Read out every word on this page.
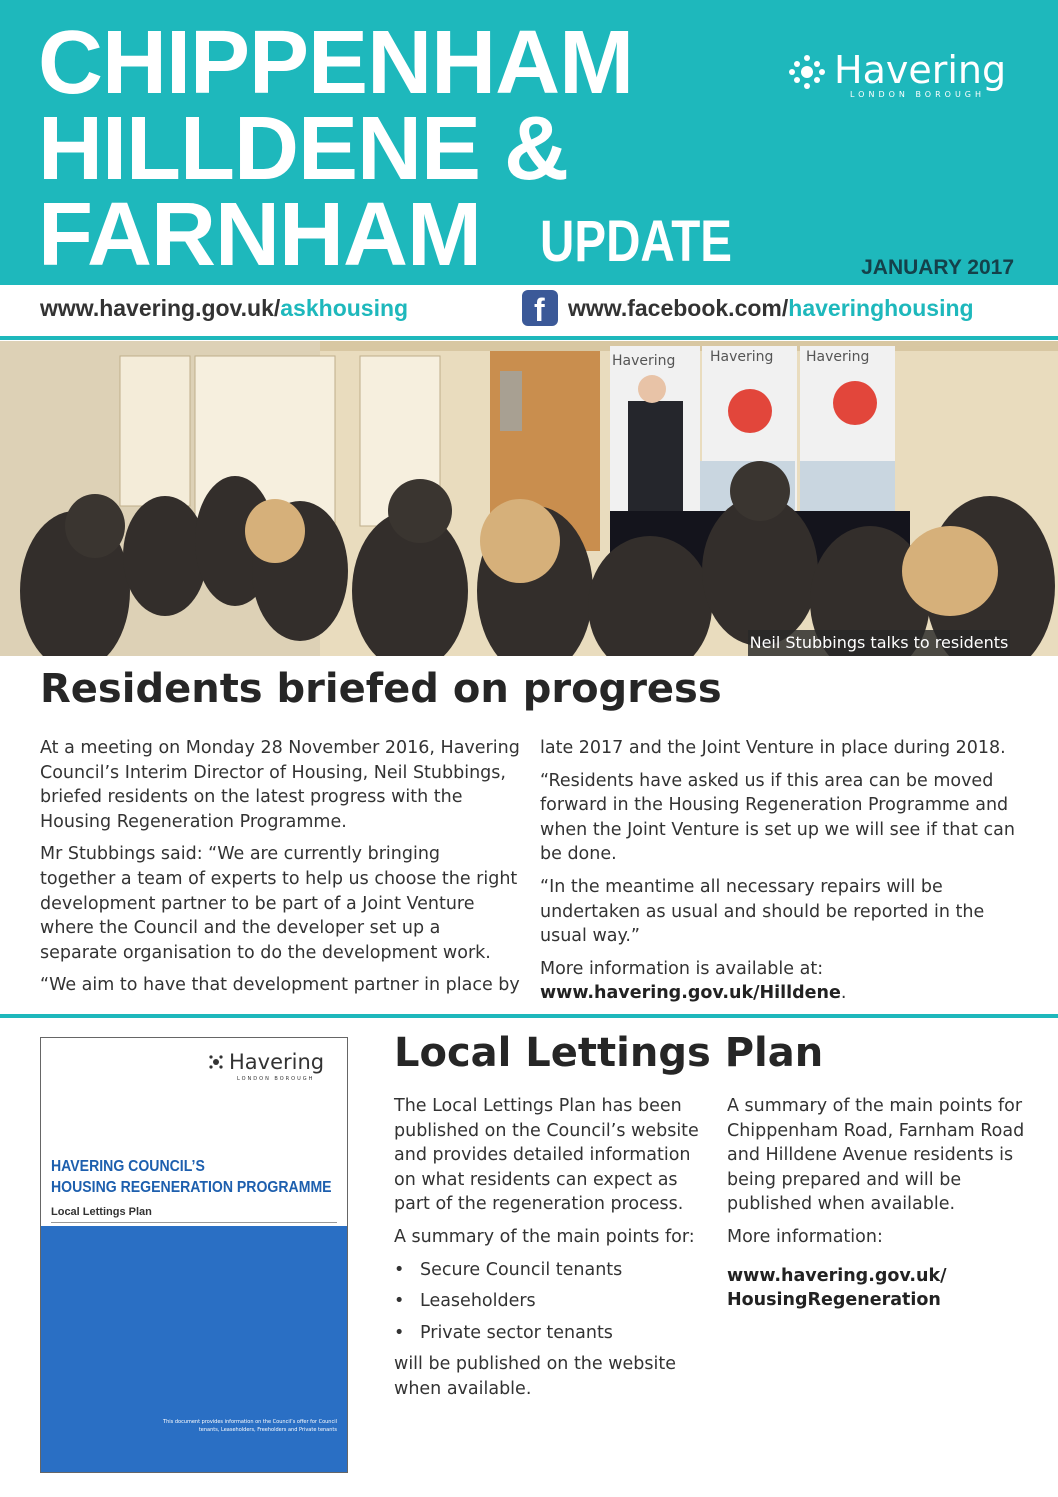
CHIPPENHAM
HILLDENE &
FARNHAM UPDATE	JANUARY 2017
Havering
LONDON BOROUGH
www.havering.gov.uk/askhousing	www.facebook.com/haveringhousing
f
Havering Havering Havering
Neil Stubbings talks to residents
Residents briefed on progress

At a meeting on Monday 28 November 2016, Havering Council’s Interim Director of Housing, Neil Stubbings, briefed residents on the latest progress with the Housing Regeneration Programme.

Mr Stubbings said: “We are currently bringing together a team of experts to help us choose the right development partner to be part of a Joint Venture where the Council and the developer set up a separate organisation to do the development work.

“We aim to have that development partner in place by

late 2017 and the Joint Venture in place during 2018.

“Residents have asked us if this area can be moved forward in the Housing Regeneration Programme and when the Joint Venture is set up we will see if that can be done.

“In the meantime all necessary repairs will be undertaken as usual and should be reported in the usual way.”

More information is available at:

www.havering.gov.uk/Hilldene.

Havering
LONDON BOROUGH
HAVERING COUNCIL’S
HOUSING REGENERATION PROGRAMME
Local Lettings Plan
This document provides information on the Council’s offer for Council tenants, Leaseholders, Freeholders and Private tenants
Local Lettings Plan

The Local Lettings Plan has been published on the Council’s website and provides detailed information on what residents can expect as part of the regeneration process.

A summary of the main points for:

• Secure Council tenants
• Leaseholders
• Private sector tenants

will be published on the website when available.

A summary of the main points for Chippenham Road, Farnham Road and Hilldene Avenue residents is being prepared and will be published when available.

More information:

www.havering.gov.uk/
HousingRegeneration
